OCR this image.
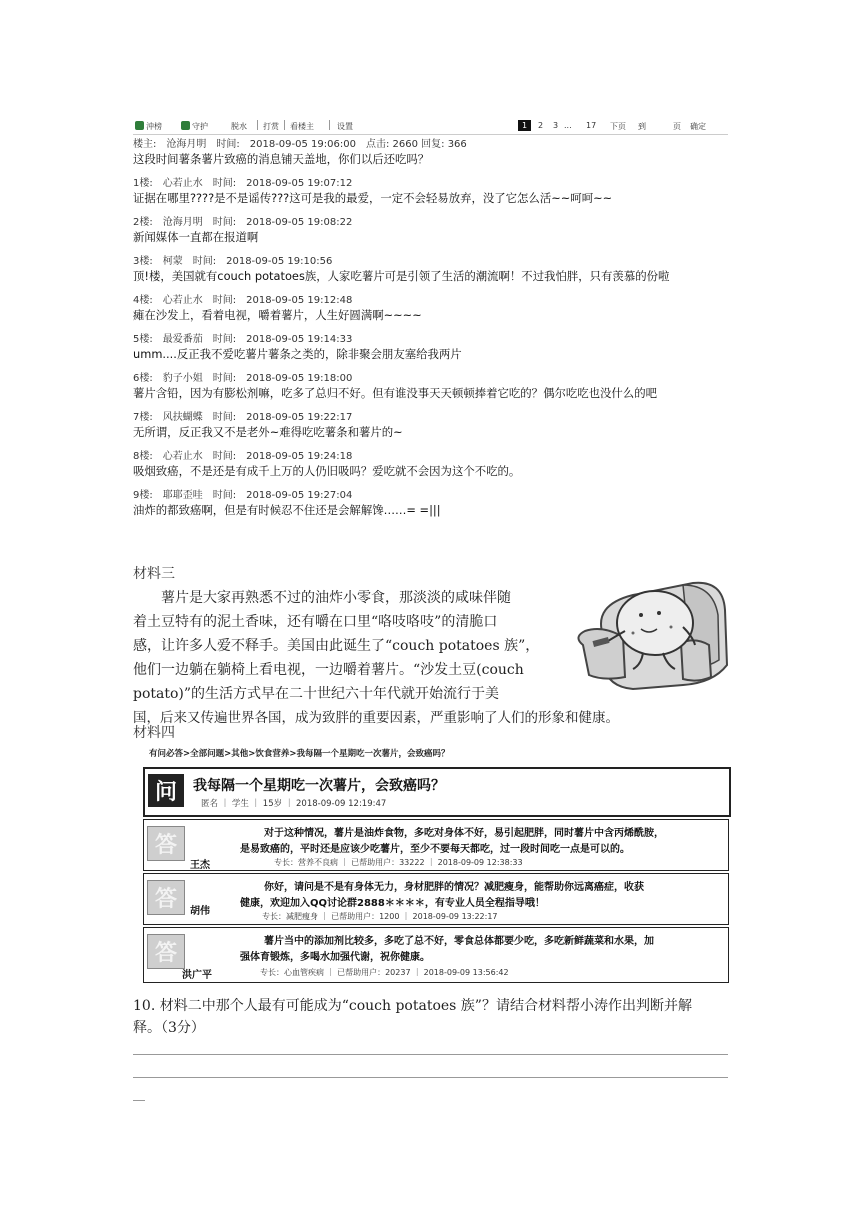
沖榜	守护	脱水 打赏 看楼主	设置	1	2 3 ... 17 下页 到	页 确定
楼主: 沧海月明 时间: 2018-09-05 19:06:00 点击: 2660 回复: 366
这段时间薯条薯片致癌的消息铺天盖地，你们以后还吃吗？
1楼: 心若止水 时间: 2018-09-05 19:07:12
证据在哪里????是不是谣传???这可是我的最爱，一定不会轻易放弃，没了它怎么活~~呵呵~~
2楼: 沧海月明 时间: 2018-09-05 19:08:22
新闻媒体一直都在报道啊
3楼: 柯蒙 时间: 2018-09-05 19:10:56
顶!楼，美国就有couch potatoes族，人家吃薯片可是引领了生活的潮流啊！不过我怕胖，只有羡慕的份啦
4楼: 心若止水 时间: 2018-09-05 19:12:48
瘫在沙发上，看着电视，嚼着薯片，人生好圆满啊~~~~
5楼: 最爱番茄 时间: 2018-09-05 19:14:33
umm....反正我不爱吃薯片薯条之类的，除非聚会朋友塞给我两片
6楼: 豹子小姐 时间: 2018-09-05 19:18:00
薯片含铅，因为有膨松剂嘛，吃多了总归不好。但有谁没事天天顿顿捧着它吃的？偶尔吃吃也没什么的吧
7楼: 风扶蝴蝶 时间: 2018-09-05 19:22:17
无所谓，反正我又不是老外~难得吃吃薯条和薯片的~
8楼: 心若止水 时间: 2018-09-05 19:24:18
吸烟致癌，不是还是有成千上万的人仍旧吸吗？爱吃就不会因为这个不吃的。
9楼: 耶耶歪哇 时间: 2018-09-05 19:27:04
油炸的都致癌啊，但是有时候忍不住还是会解解馋……= =|||
材料三
薯片是大家再熟悉不过的油炸小零食，那淡淡的咸味伴随
着土豆特有的泥土香味，还有嚼在口里“咯吱咯吱”的清脆口
感，让许多人爱不释手。美国由此诞生了“couch potatoes 族”，
他们一边躺在躺椅上看电视，一边嚼着薯片。“沙发土豆(couch
potato)”的生活方式早在二十世纪六十年代就开始流行于美
国，后来又传遍世界各国，成为致胖的重要因素，严重影响了人们的形象和健康。
材料四
有问必答>全部问题>其他>饮食营养>我每隔一个星期吃一次薯片，会致癌吗？
问	我每隔一个星期吃一次薯片，会致癌吗？
匿名 ｜ 学生 ｜ 15岁 ｜ 2018-09-09 12:19:47
答	对于这种情况，薯片是油炸食物，多吃对身体不好，易引起肥胖，同时薯片中含丙烯酰胺，
是易致癌的，平时还是应该少吃薯片，至少不要每天都吃，过一段时间吃一点是可以的。
王杰	专长：营养不良病 ｜ 已帮助用户：33222 ｜ 2018-09-09 12:38:33
答	你好，请问是不是有身体无力，身材肥胖的情况？减肥瘦身，能帮助你远离癌症，收获
健康，欢迎加入QQ讨论群2888＊＊＊＊，有专业人员全程指导哦！
胡伟	专长：减肥瘦身 ｜ 已帮助用户：1200 ｜ 2018-09-09 13:22:17
答	薯片当中的添加剂比较多，多吃了总不好，零食总体都要少吃，多吃新鲜蔬菜和水果，加
强体育锻炼，多喝水加强代谢，祝你健康。
洪广平	专长：心血管疾病 ｜ 已帮助用户：20237 ｜ 2018-09-09 13:56:42
10. 材料二中那个人最有可能成为“couch potatoes 族”？请结合材料帮小涛作出判断并解
释。（3分）
